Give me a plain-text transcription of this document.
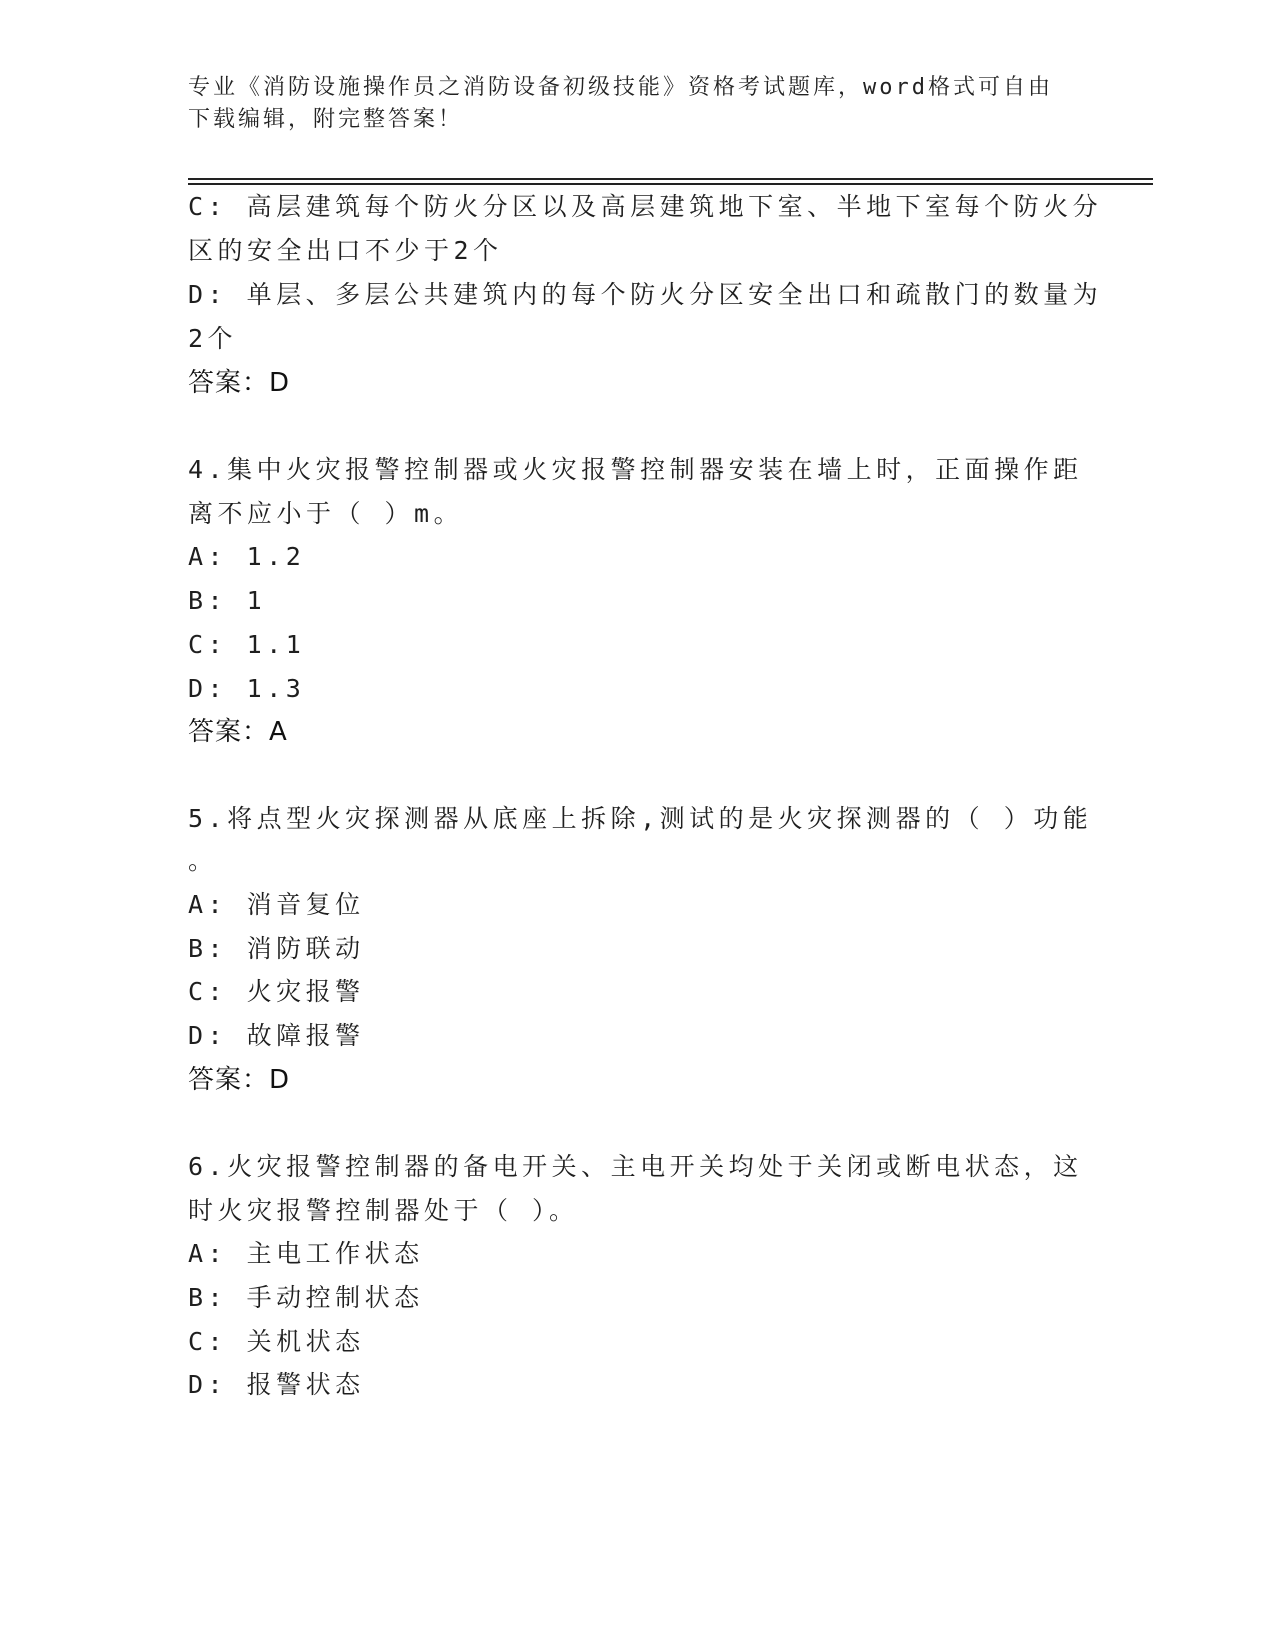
专业《消防设施操作员之消防设备初级技能》资格考试题库，word格式可自由下载编辑，附完整答案！
C: 高层建筑每个防火分区以及高层建筑地下室、半地下室每个防火分
区的安全出口不少于2个
D: 单层、多层公共建筑内的每个防火分区安全出口和疏散门的数量为
2个
答案：D
4.集中火灾报警控制器或火灾报警控制器安装在墙上时，正面操作距
离不应小于（ ）m。
A: 1.2
B: 1
C: 1.1
D: 1.3
答案：A
5.将点型火灾探测器从底座上拆除,测试的是火灾探测器的（ ）功能
。
A: 消音复位
B: 消防联动
C: 火灾报警
D: 故障报警
答案：D
6.火灾报警控制器的备电开关、主电开关均处于关闭或断电状态，这
时火灾报警控制器处于（ ）。
A: 主电工作状态
B: 手动控制状态
C: 关机状态
D: 报警状态
